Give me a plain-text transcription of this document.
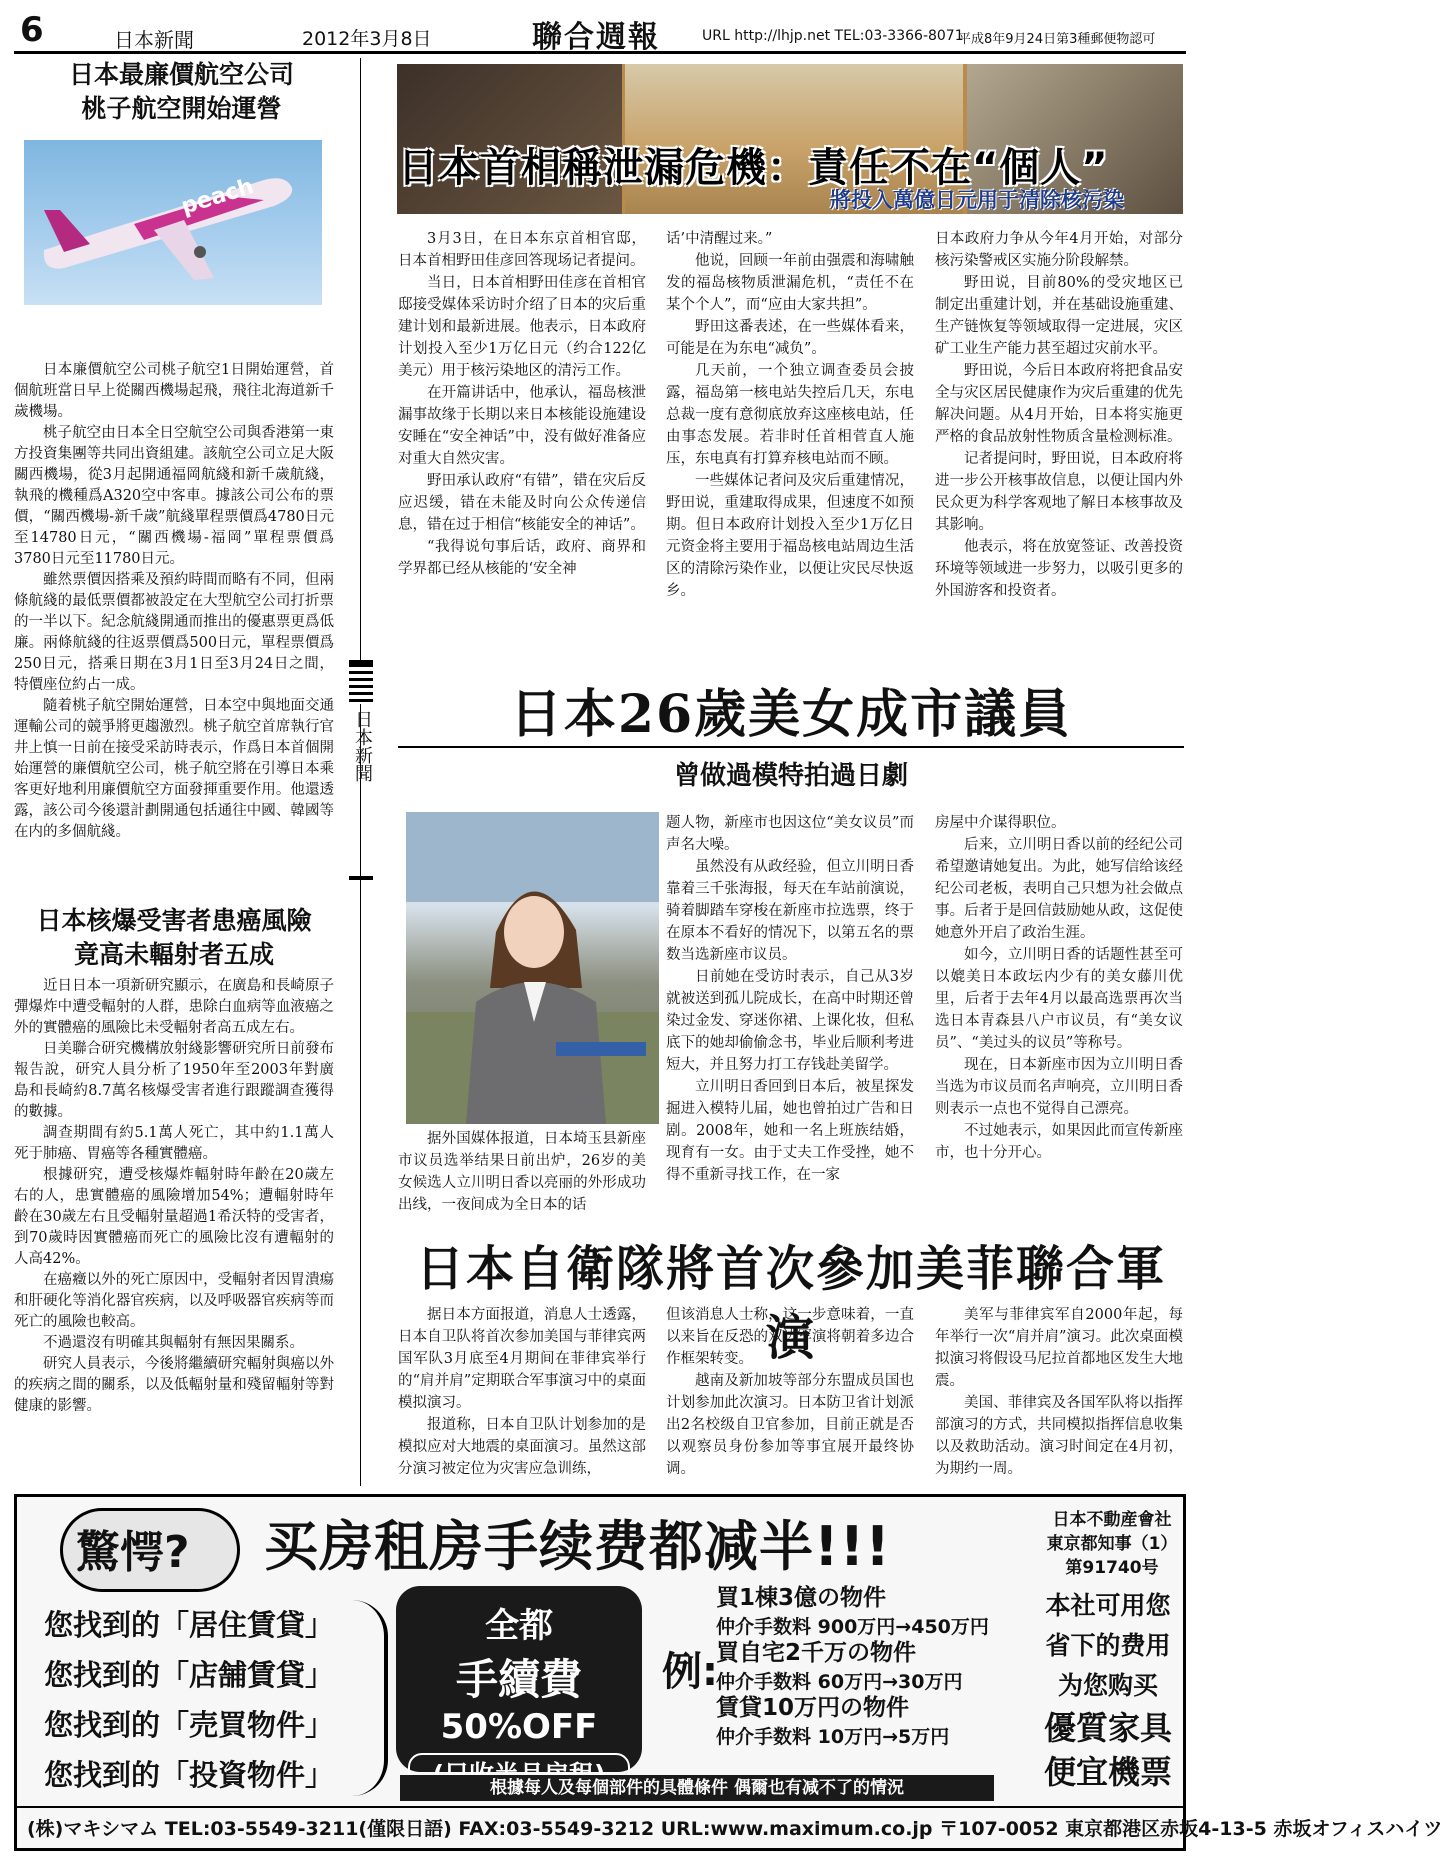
6	日本新聞	2012年3月8日	聯合週報	URL http://lhjp.net TEL:03-3366-8071
平成8年9月24日第3種郵便物認可
日本最廉價航空公司
桃子航空開始運營
peach

日本廉價航空公司桃子航空1日開始運營，首個航班當日早上從關西機場起飛，飛往北海道新千歲機場。

桃子航空由日本全日空航空公司與香港第一東方投資集團等共同出資組建。該航空公司立足大阪關西機場，從3月起開通福岡航綫和新千歲航綫，執飛的機種爲A320空中客車。據該公司公布的票價，“關西機場-新千歲”航綫單程票價爲4780日元至14780日元，“關西機場-福岡”單程票價爲3780日元至11780日元。

雖然票價因搭乘及預約時間而略有不同，但兩條航綫的最低票價都被設定在大型航空公司打折票的一半以下。紀念航綫開通而推出的優惠票更爲低廉。兩條航綫的往返票價爲500日元，單程票價爲250日元，搭乘日期在3月1日至3月24日之間，特價座位約占一成。

隨着桃子航空開始運營，日本空中與地面交通運輸公司的競爭將更趨激烈。桃子航空首席執行官井上慎一日前在接受采訪時表示，作爲日本首個開始運營的廉價航空公司，桃子航空將在引導日本乘客更好地利用廉價航空方面發揮重要作用。他還透露，該公司今後還計劃開通包括通往中國、韓國等在内的多個航綫。

日本核爆受害者患癌風險
竟高未輻射者五成

近日日本一項新研究顯示，在廣島和長崎原子彈爆炸中遭受輻射的人群，患除白血病等血液癌之外的實體癌的風險比未受輻射者高五成左右。

日美聯合研究機構放射綫影響研究所日前發布報告說，研究人員分析了1950年至2003年對廣島和長崎約8.7萬名核爆受害者進行跟蹤調查獲得的數據。

調查期間有約5.1萬人死亡，其中約1.1萬人死于肺癌、胃癌等各種實體癌。

根據研究，遭受核爆炸輻射時年齡在20歲左右的人，患實體癌的風險增加54%；遭輻射時年齡在30歲左右且受輻射量超過1希沃特的受害者，到70歲時因實體癌而死亡的風險比沒有遭輻射的人高42%。

在癌癥以外的死亡原因中，受輻射者因胃潰瘍和肝硬化等消化器官疾病，以及呼吸器官疾病等而死亡的風險也較高。

不過還沒有明確其與輻射有無因果關系。

研究人員表示，今後將繼續研究輻射與癌以外的疾病之間的關系，以及低輻射量和殘留輻射等對健康的影響。

日本新聞
日本首相稱泄漏危機：責任不在“個人”
將投入萬億日元用于清除核污染

3月3日，在日本东京首相官邸，日本首相野田佳彦回答现场记者提问。

当日，日本首相野田佳彦在首相官邸接受媒体采访时介绍了日本的灾后重建计划和最新进展。他表示，日本政府计划投入至少1万亿日元（约合122亿美元）用于核污染地区的清污工作。

在开篇讲话中，他承认，福岛核泄漏事故缘于长期以来日本核能设施建设安睡在“安全神话”中，没有做好准备应对重大自然灾害。

野田承认政府“有错”，错在灾后反应迟缓，错在未能及时向公众传递信息，错在过于相信“核能安全的神话”。

“我得说句事后话，政府、商界和学界都已经从核能的‘安全神

话’中清醒过来。”

他说，回顾一年前由强震和海啸触发的福岛核物质泄漏危机，“责任不在某个个人”，而“应由大家共担”。

野田这番表述，在一些媒体看来，可能是在为东电“减负”。

几天前，一个独立调查委员会披露，福岛第一核电站失控后几天，东电总裁一度有意彻底放弃这座核电站，任由事态发展。若非时任首相菅直人施压，东电真有打算弃核电站而不顾。

一些媒体记者问及灾后重建情况，野田说，重建取得成果，但速度不如预期。但日本政府计划投入至少1万亿日元资金将主要用于福岛核电站周边生活区的清除污染作业，以便让灾民尽快返乡。

日本政府力争从今年4月开始，对部分核污染警戒区实施分阶段解禁。

野田说，目前80%的受灾地区已制定出重建计划，并在基础设施重建、生产链恢复等领域取得一定进展，灾区矿工业生产能力甚至超过灾前水平。

野田说，今后日本政府将把食品安全与灾区居民健康作为灾后重建的优先解决问题。从4月开始，日本将实施更严格的食品放射性物质含量检测标准。

记者提问时，野田说，日本政府将进一步公开核事故信息，以便让国内外民众更为科学客观地了解日本核事故及其影响。

他表示，将在放宽签证、改善投资环境等领域进一步努力，以吸引更多的外国游客和投资者。

日本26歲美女成市議員
曾做過模特拍過日劇

据外国媒体报道，日本埼玉县新座市议员选举结果日前出炉，26岁的美女候选人立川明日香以亮丽的外形成功出线，一夜间成为全日本的话

题人物，新座市也因这位“美女议员”而声名大噪。

虽然没有从政经验，但立川明日香靠着三千张海报，每天在车站前演说，骑着脚踏车穿梭在新座市拉选票，终于在原本不看好的情况下，以第五名的票数当选新座市议员。

日前她在受访时表示，自己从3岁就被送到孤儿院成长，在高中时期还曾染过金发、穿迷你裙、上课化妆，但私底下的她却偷偷念书，毕业后顺利考进短大，并且努力打工存钱赴美留学。

立川明日香回到日本后，被星探发掘进入模特儿届，她也曾拍过广告和日剧。2008年，她和一名上班族结婚，现育有一女。由于丈夫工作受挫，她不得不重新寻找工作，在一家

房屋中介谋得职位。

后来，立川明日香以前的经纪公司希望邀请她复出。为此，她写信给该经纪公司老板，表明自己只想为社会做点事。后者于是回信鼓励她从政，这促使她意外开启了政治生涯。

如今，立川明日香的话题性甚至可以媲美日本政坛内少有的美女藤川优里，后者于去年4月以最高选票再次当选日本青森县八户市议员，有“美女议员”、“美过头的议员”等称号。

现在，日本新座市因为立川明日香当选为市议员而名声响亮，立川明日香则表示一点也不觉得自己漂亮。

不过她表示，如果因此而宣传新座市，也十分开心。

日本自衛隊將首次參加美菲聯合軍演

据日本方面报道，消息人士透露，日本自卫队将首次参加美国与菲律宾两国军队3月底至4月期间在菲律宾举行的“肩并肩”定期联合军事演习中的桌面模拟演习。

报道称，日本自卫队计划参加的是模拟应对大地震的桌面演习。虽然这部分演习被定位为灾害应急训练，

但该消息人士称，这一步意味着，一直以来旨在反恐的双边军演将朝着多边合作框架转变。

越南及新加坡等部分东盟成员国也计划参加此次演习。日本防卫省计划派出2名校级自卫官参加，目前正就是否以观察员身份参加等事宜展开最终协调。

美军与菲律宾军自2000年起，每年举行一次“肩并肩”演习。此次桌面模拟演习将假设马尼拉首都地区发生大地震。

美国、菲律宾及各国军队将以指挥部演习的方式，共同模拟指挥信息收集以及救助活动。演习时间定在4月初，为期约一周。

驚愕? 买房租房手续费都减半!!!	日本不動産會社
東京都知事（1）
第91740号
您找到的「居住賃貸」
您找到的「店舗賃貸」
您找到的「売買物件」
您找到的「投資物件」
全都
手續費
50%OFF
例:
買1棟3億の物件
仲介手数料 900万円→450万円
買自宅2千万の物件
仲介手数料 60万円→30万円
賃貸10万円の物件
仲介手数料 10万円→5万円
根據每人及每個部件的具體條件 偶爾也有减不了的情況
本社可用您
省下的费用
为您购买
優質家具
便宜機票
(株)マキシマム TEL:03-5549-3211(僅限日語) FAX:03-5549-3212 URL:www.maximum.co.jp 〒107-0052 東京都港区赤坂4-13-5 赤坂オフィスハイツ
